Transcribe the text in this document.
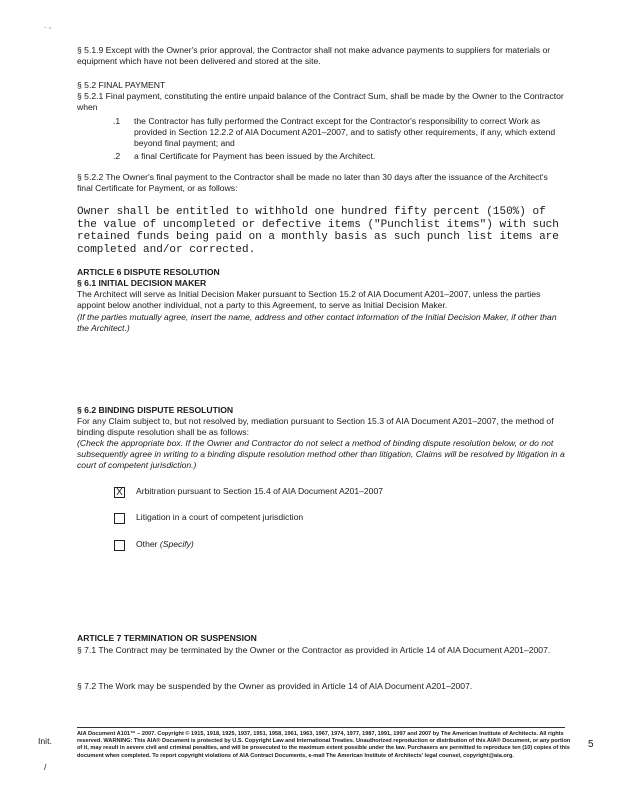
. ,
§ 5.1.9 Except with the Owner's prior approval, the Contractor shall not make advance payments to suppliers for materials or equipment which have not been delivered and stored at the site.
§ 5.2 FINAL PAYMENT
§ 5.2.1 Final payment, constituting the entire unpaid balance of the Contract Sum, shall be made by the Owner to the Contractor when
.1	the Contractor has fully performed the Contract except for the Contractor's responsibility to correct Work as provided in Section 12.2.2 of AIA Document A201–2007, and to satisfy other requirements, if any, which extend beyond final payment; and
.2	a final Certificate for Payment has been issued by the Architect.
§ 5.2.2 The Owner's final payment to the Contractor shall be made no later than 30 days after the issuance of the Architect's final Certificate for Payment, or as follows:
Owner shall be entitled to withhold one hundred fifty percent (150%) of the value of uncompleted or defective items ("Punchlist items") with such retained funds being paid on a monthly basis as such punch list items are completed and/or corrected.
ARTICLE 6 DISPUTE RESOLUTION
§ 6.1 INITIAL DECISION MAKER
The Architect will serve as Initial Decision Maker pursuant to Section 15.2 of AIA Document A201–2007, unless the parties appoint below another individual, not a party to this Agreement, to serve as Initial Decision Maker.
(If the parties mutually agree, insert the name, address and other contact information of the Initial Decision Maker, if other than the Architect.)
§ 6.2 BINDING DISPUTE RESOLUTION
For any Claim subject to, but not resolved by, mediation pursuant to Section 15.3 of AIA Document A201–2007, the method of binding dispute resolution shall be as follows:
(Check the appropriate box. If the Owner and Contractor do not select a method of binding dispute resolution below, or do not subsequently agree in writing to a binding dispute resolution method other than litigation, Claims will be resolved by litigation in a court of competent jurisdiction.)
X Arbitration pursuant to Section 15.4 of AIA Document A201–2007
Litigation in a court of competent jurisdiction
Other (Specify)
ARTICLE 7 TERMINATION OR SUSPENSION
§ 7.1 The Contract may be terminated by the Owner or the Contractor as provided in Article 14 of AIA Document A201–2007.
§ 7.2 The Work may be suspended by the Owner as provided in Article 14 of AIA Document A201–2007.
Init.
/
AIA Document A101™ – 2007. Copyright © 1915, 1918, 1925, 1937, 1951, 1958, 1961, 1963, 1967, 1974, 1977, 1987, 1991, 1997 and 2007 by The American Institute of Architects. All rights reserved. WARNING: This AIA® Document is protected by U.S. Copyright Law and International Treaties. Unauthorized reproduction or distribution of this AIA® Document, or any portion of it, may result in severe civil and criminal penalties, and will be prosecuted to the maximum extent possible under the law. Purchasers are permitted to reproduce ten (10) copies of this document when completed. To report copyright violations of AIA Contract Documents, e-mail The American Institute of Architects' legal counsel, copyright@aia.org.
5
